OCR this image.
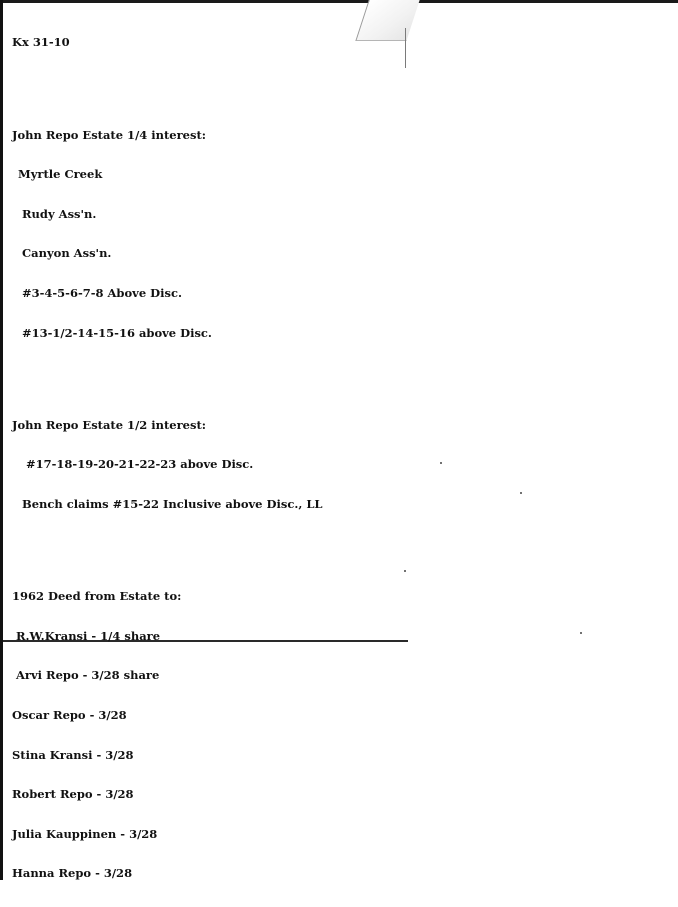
Kx 31-10

John Repo Estate 1/4 interest:

Myrtle Creek

Rudy Ass'n.

Canyon Ass'n.

#3-4-5-6-7-8 Above Disc.

#13-1/2-14-15-16 above Disc.

John Repo Estate 1/2 interest:

#17-18-19-20-21-22-23 above Disc.

Bench claims #15-22 Inclusive above Disc., LL

1962 Deed from Estate to:

R.W.Kransi - 1/4 share

Arvi Repo - 3/28 share

Oscar Repo - 3/28

Stina Kransi - 3/28

Robert Repo - 3/28

Julia Kauppinen - 3/28

Hanna Repo - 3/28
